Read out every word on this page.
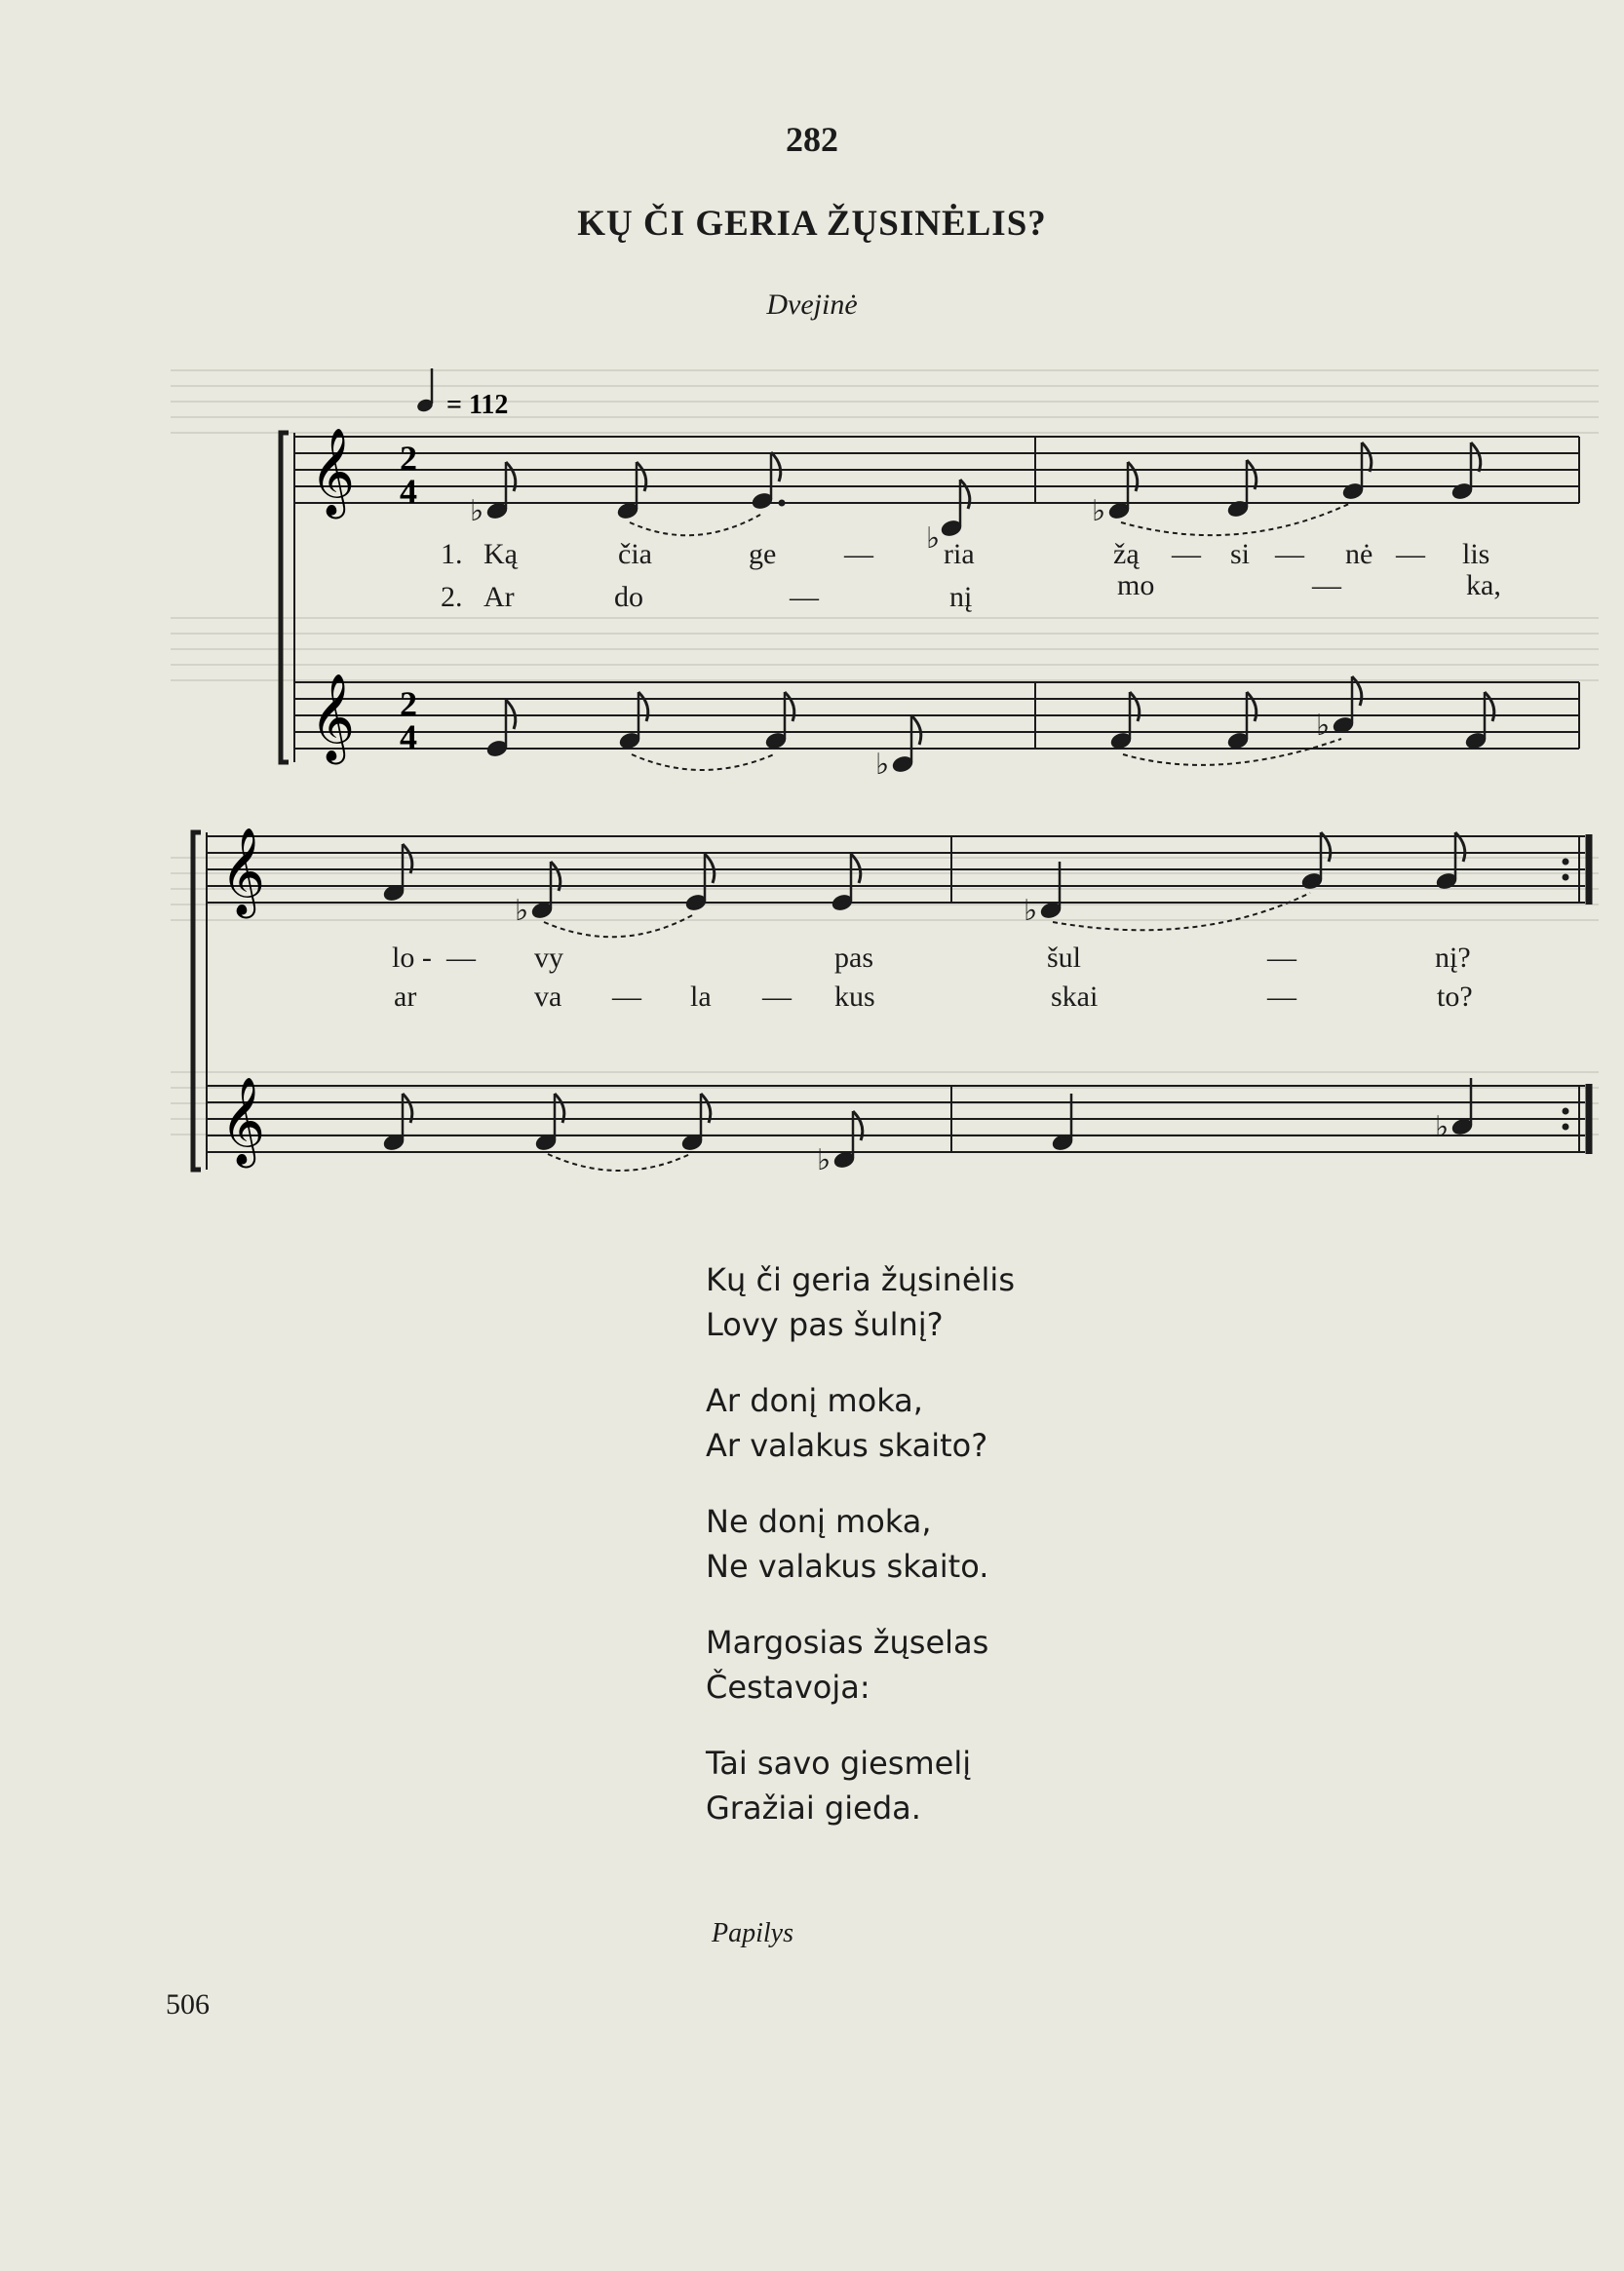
282
KŲ ČI GERIA ŽŲSINĖLIS?
Dvejinė
= 112
𝄞 2
4
♭
♭
♭
1. Ką	čia	ge — ria	žą — si — nė — lis
2. Ar	do	—	nį	mo	—	ka,
𝄞 2
4
♭
♭
𝄞	♭	♭
lo - — vy	pas	šul	—	nį?
ar	va — la — kus	skai	—	to?
𝄞	♭
♭
Kų či geria žųsinėlis
Lovy pas šulnį?
Ar donį moka,
Ar valakus skaito?
Ne donį moka,
Ne valakus skaito.
Margosias žųselas
Čestavoja:
Tai savo giesmelį
Gražiai gieda.
Papilys
506
